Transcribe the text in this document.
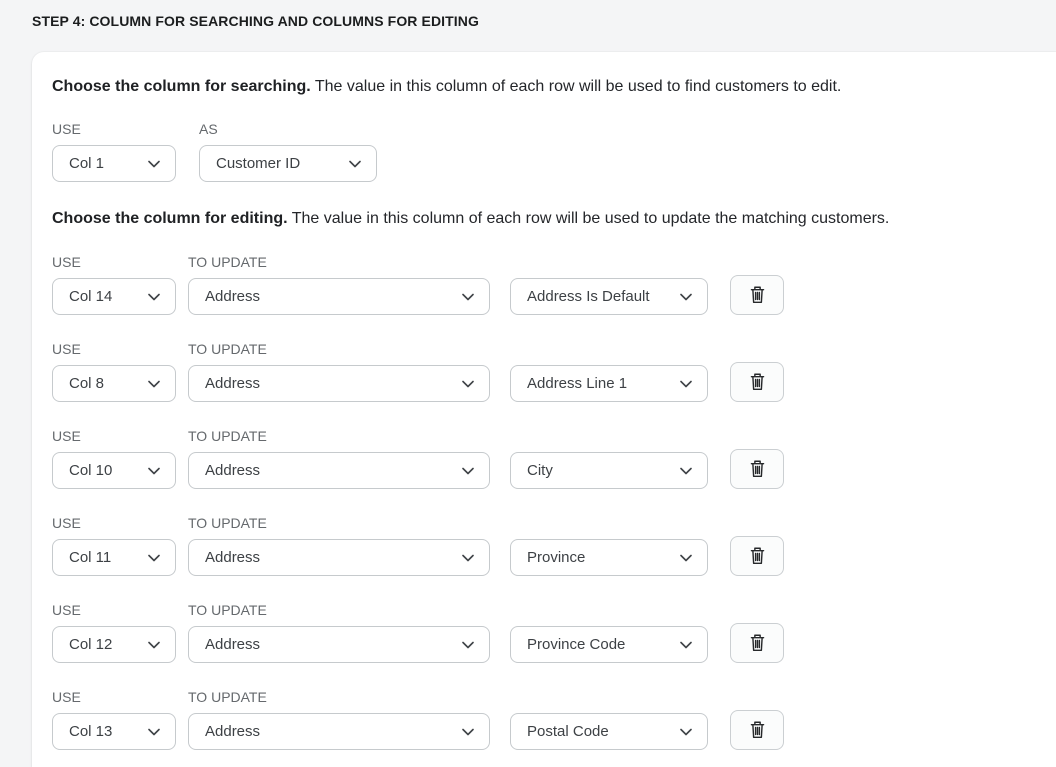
STEP 4: COLUMN FOR SEARCHING AND COLUMNS FOR EDITING

Choose the column for searching. The value in this column of each row will be used to find customers to edit.

USE
Col 1
AS
Customer ID

Choose the column for editing. The value in this column of each row will be used to update the matching customers.

USE
Col 14
TO UPDATE
Address	Address Is Default
USE
Col 8
TO UPDATE
Address	Address Line 1
USE
Col 10
TO UPDATE
Address	City
USE
Col 11
TO UPDATE
Address	Province
USE
Col 12
TO UPDATE
Address	Province Code
USE
Col 13
TO UPDATE
Address	Postal Code
